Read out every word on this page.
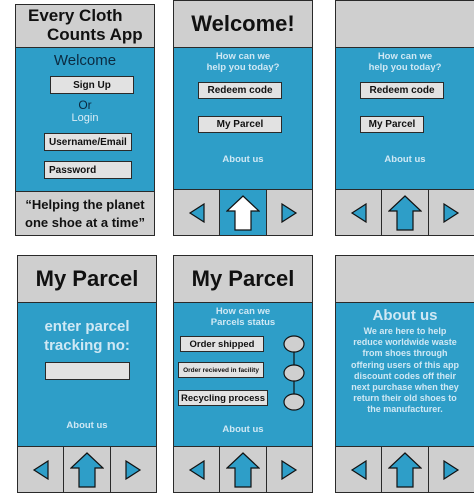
Every Cloth
Counts App
Welcome
Sign Up
Or
Login
Username/Email
Password
“Helping the planet
one shoe at a time”
Welcome!
How can we
help you today?
Redeem code
My Parcel
About us
How can we
help you today?
Redeem code
My Parcel
About us
My Parcel
enter parcel
tracking no:
About us
My Parcel
How can we
Parcels status
Order shipped
Order recieved in facility
Recycling process
About us
About us
We are here to help reduce worldwide waste from shoes through offering users of this app discount codes off their next purchase when they return their old shoes to the manufacturer.
